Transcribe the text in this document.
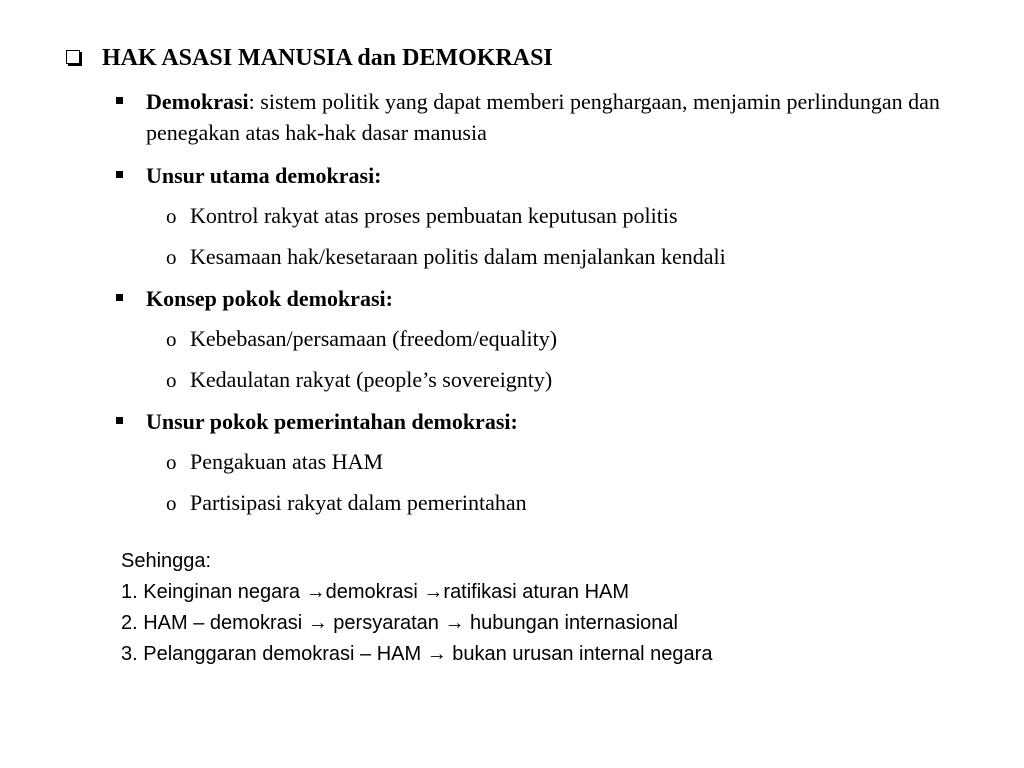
HAK ASASI MANUSIA dan DEMOKRASI
Demokrasi: sistem politik yang dapat memberi penghargaan, menjamin perlindungan dan penegakan atas hak-hak dasar manusia
Unsur utama demokrasi:
o Kontrol rakyat atas proses pembuatan keputusan politis
o Kesamaan hak/kesetaraan politis dalam menjalankan kendali
Konsep pokok demokrasi:
o Kebebasan/persamaan (freedom/equality)
o Kedaulatan rakyat (people’s sovereignty)
Unsur pokok pemerintahan demokrasi:
o Pengakuan atas HAM
o Partisipasi rakyat dalam pemerintahan
Sehingga:
1. Keinginan negara →demokrasi →ratifikasi aturan HAM
2. HAM – demokrasi → persyaratan → hubungan internasional
3. Pelanggaran demokrasi – HAM → bukan urusan internal negara
